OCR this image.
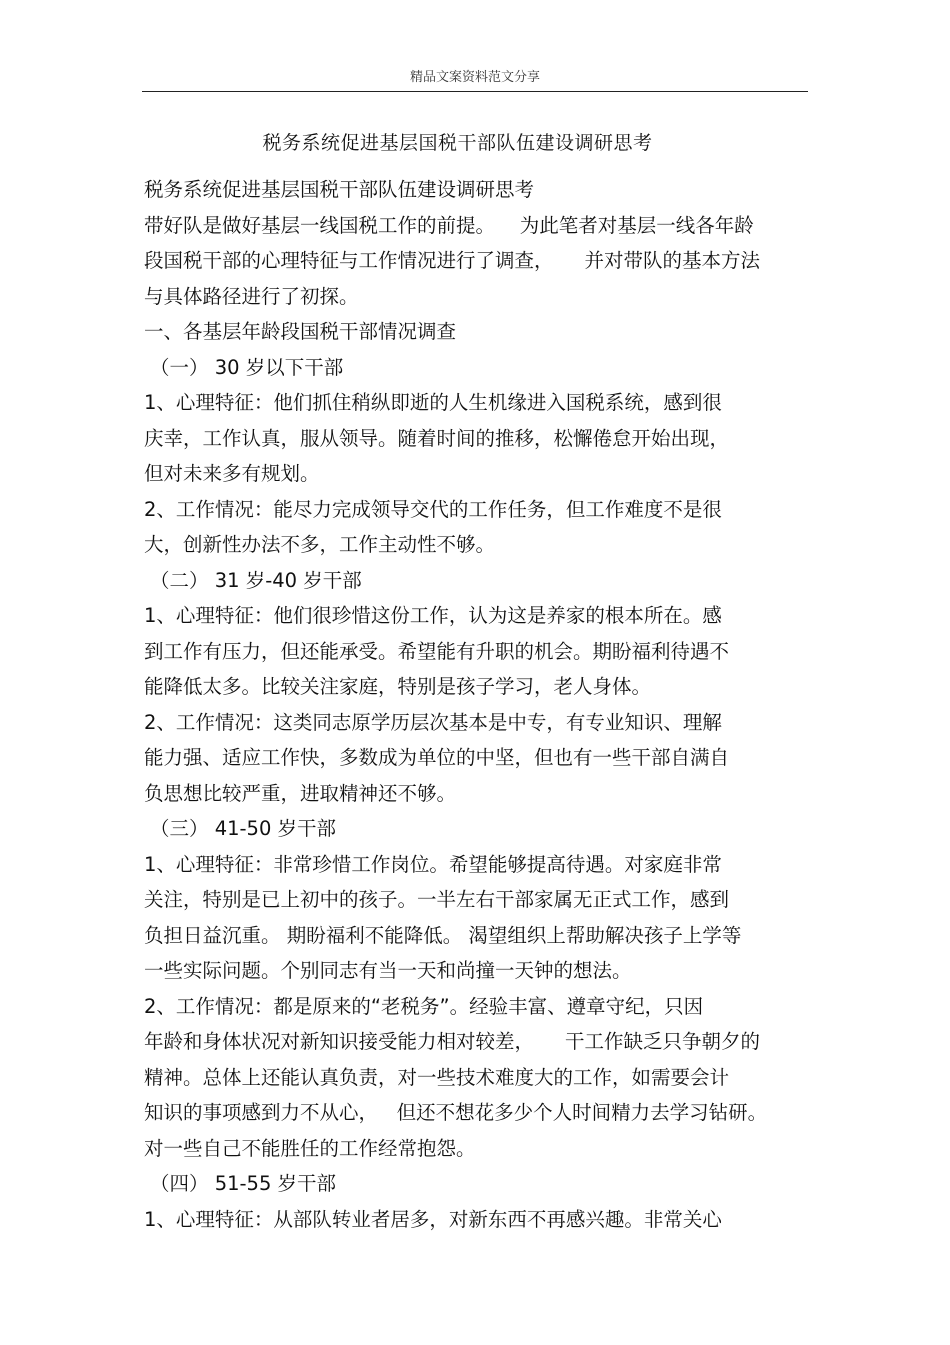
精品文案资料范文分享
税务系统促进基层国税干部队伍建设调研思考
税务系统促进基层国税干部队伍建设调研思考
带好队是做好基层一线国税工作的前提。    为此笔者对基层一线各年龄
段国税干部的心理特征与工作情况进行了调查，     并对带队的基本方法
与具体路径进行了初探。
一、各基层年龄段国税干部情况调查
（一） 30 岁以下干部
1、心理特征：他们抓住稍纵即逝的人生机缘进入国税系统，感到很
庆幸，工作认真，服从领导。随着时间的推移，松懈倦怠开始出现，
但对未来多有规划。
2、工作情况：能尽力完成领导交代的工作任务，但工作难度不是很
大，创新性办法不多，工作主动性不够。
（二） 31 岁-40 岁干部
1、心理特征：他们很珍惜这份工作，认为这是养家的根本所在。感
到工作有压力，但还能承受。希望能有升职的机会。期盼福利待遇不
能降低太多。比较关注家庭，特别是孩子学习，老人身体。
2、工作情况：这类同志原学历层次基本是中专，有专业知识、理解
能力强、适应工作快，多数成为单位的中坚，但也有一些干部自满自
负思想比较严重，进取精神还不够。
（三） 41-50 岁干部
1、心理特征：非常珍惜工作岗位。希望能够提高待遇。对家庭非常
关注，特别是已上初中的孩子。一半左右干部家属无正式工作，感到
负担日益沉重。 期盼福利不能降低。 渴望组织上帮助解决孩子上学等
一些实际问题。个别同志有当一天和尚撞一天钟的想法。
2、工作情况：都是原来的“老税务”。经验丰富、遵章守纪，只因
年龄和身体状况对新知识接受能力相对较差，     干工作缺乏只争朝夕的
精神。总体上还能认真负责，对一些技术难度大的工作，如需要会计
知识的事项感到力不从心，   但还不想花多少个人时间精力去学习钻研。
对一些自己不能胜任的工作经常抱怨。
（四） 51-55 岁干部
1、心理特征：从部队转业者居多，对新东西不再感兴趣。非常关心
